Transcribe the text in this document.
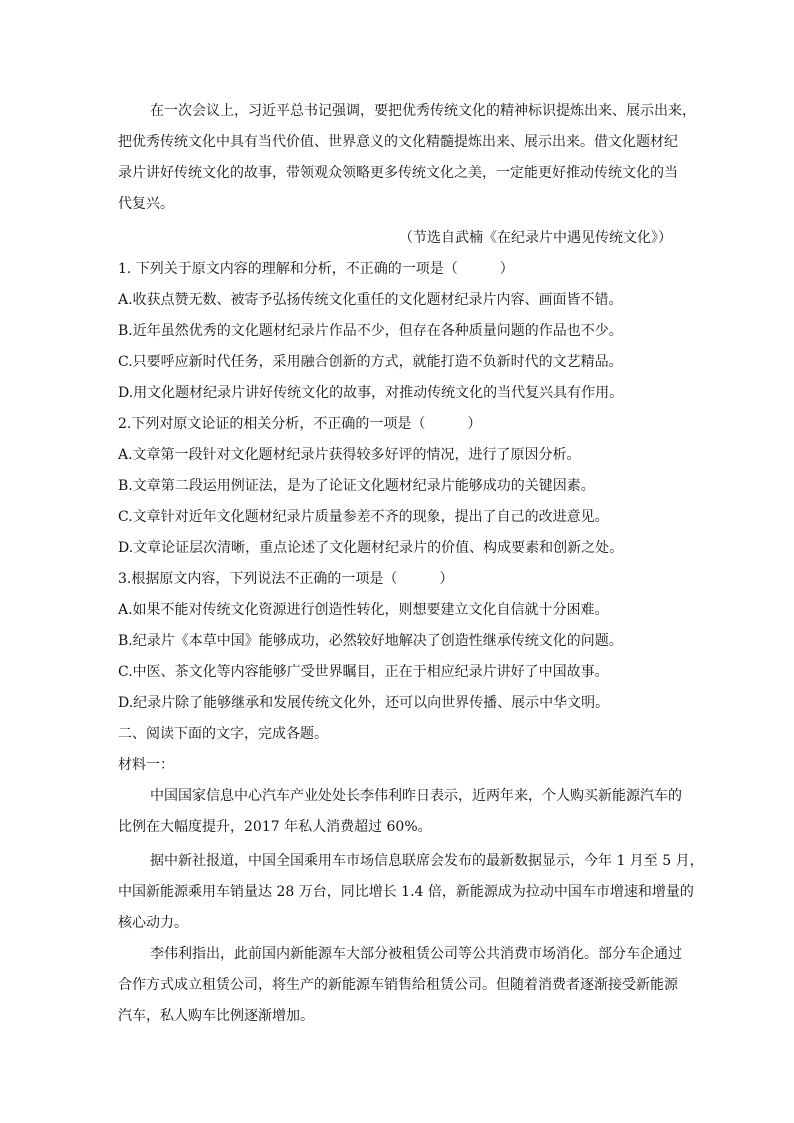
在一次会议上，习近平总书记强调，要把优秀传统文化的精神标识提炼出来、展示出来，
把优秀传统文化中具有当代价值、世界意义的文化精髓提炼出来、展示出来。借文化题材纪
录片讲好传统文化的故事，带领观众领略更多传统文化之美，一定能更好推动传统文化的当
代复兴。
（节选自武楠《在纪录片中遇见传统文化》）
1. 下列关于原文内容的理解和分析，不正确的一项是（　　　）
A.收获点赞无数、被寄予弘扬传统文化重任的文化题材纪录片内容、画面皆不错。
B.近年虽然优秀的文化题材纪录片作品不少，但存在各种质量问题的作品也不少。
C.只要呼应新时代任务，采用融合创新的方式，就能打造不负新时代的文艺精品。
D.用文化题材纪录片讲好传统文化的故事，对推动传统文化的当代复兴具有作用。
2.下列对原文论证的相关分析，不正确的一项是（　　　）
A.文章第一段针对文化题材纪录片获得较多好评的情况，进行了原因分析。
B.文章第二段运用例证法，是为了论证文化题材纪录片能够成功的关键因素。
C.文章针对近年文化题材纪录片质量参差不齐的现象，提出了自己的改进意见。
D.文章论证层次清晰，重点论述了文化题材纪录片的价值、构成要素和创新之处。
3.根据原文内容，下列说法不正确的一项是（　　　）
A.如果不能对传统文化资源进行创造性转化，则想要建立文化自信就十分困难。
B.纪录片《本草中国》能够成功，必然较好地解决了创造性继承传统文化的问题。
C.中医、茶文化等内容能够广受世界瞩目，正在于相应纪录片讲好了中国故事。
D.纪录片除了能够继承和发展传统文化外，还可以向世界传播、展示中华文明。
二、阅读下面的文字，完成各题。
材料一：
中国国家信息中心汽车产业处处长李伟利昨日表示，近两年来，个人购买新能源汽车的
比例在大幅度提升，2017 年私人消费超过 60%。
据中新社报道，中国全国乘用车市场信息联席会发布的最新数据显示，今年 1 月至 5 月，
中国新能源乘用车销量达 28 万台，同比增长 1.4 倍，新能源成为拉动中国车市增速和增量的
核心动力。
李伟利指出，此前国内新能源车大部分被租赁公司等公共消费市场消化。部分车企通过
合作方式成立租赁公司，将生产的新能源车销售给租赁公司。但随着消费者逐渐接受新能源
汽车，私人购车比例逐渐增加。
